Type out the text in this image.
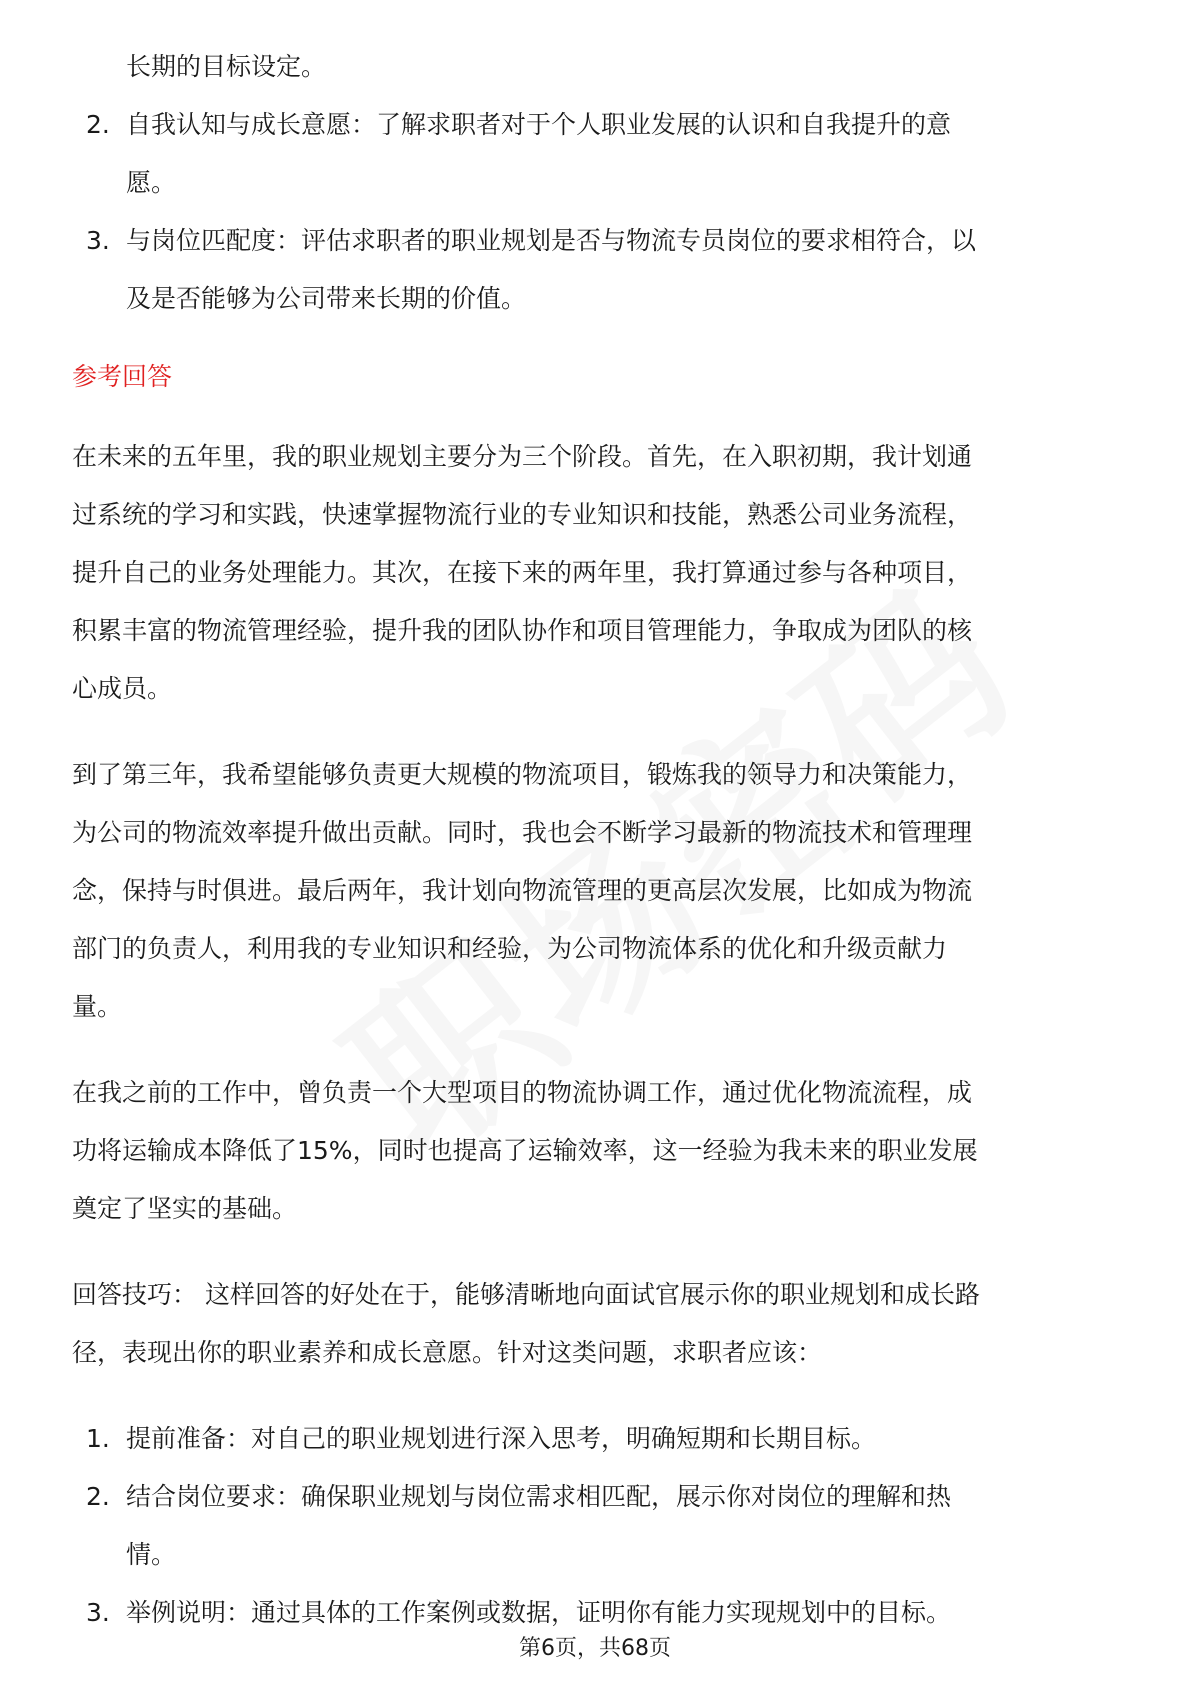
长期的目标设定。
2. 自我认知与成长意愿：了解求职者对于个人职业发展的认识和自我提升的意
愿。
3. 与岗位匹配度：评估求职者的职业规划是否与物流专员岗位的要求相符合，以
及是否能够为公司带来长期的价值。
参考回答
在未来的五年里，我的职业规划主要分为三个阶段。首先，在入职初期，我计划通
过系统的学习和实践，快速掌握物流行业的专业知识和技能，熟悉公司业务流程，
提升自己的业务处理能力。其次，在接下来的两年里，我打算通过参与各种项目，
积累丰富的物流管理经验，提升我的团队协作和项目管理能力，争取成为团队的核
心成员。
到了第三年，我希望能够负责更大规模的物流项目，锻炼我的领导力和决策能力，
为公司的物流效率提升做出贡献。同时，我也会不断学习最新的物流技术和管理理
念，保持与时俱进。最后两年，我计划向物流管理的更高层次发展，比如成为物流
部门的负责人，利用我的专业知识和经验，为公司物流体系的优化和升级贡献力
量。
在我之前的工作中，曾负责一个大型项目的物流协调工作，通过优化物流流程，成
功将运输成本降低了15%，同时也提高了运输效率，这一经验为我未来的职业发展
奠定了坚实的基础。
回答技巧： 这样回答的好处在于，能够清晰地向面试官展示你的职业规划和成长路
径，表现出你的职业素养和成长意愿。针对这类问题，求职者应该：
1. 提前准备：对自己的职业规划进行深入思考，明确短期和长期目标。
2. 结合岗位要求：确保职业规划与岗位需求相匹配，展示你对岗位的理解和热
情。
3. 举例说明：通过具体的工作案例或数据，证明你有能力实现规划中的目标。
第6页，共68页
